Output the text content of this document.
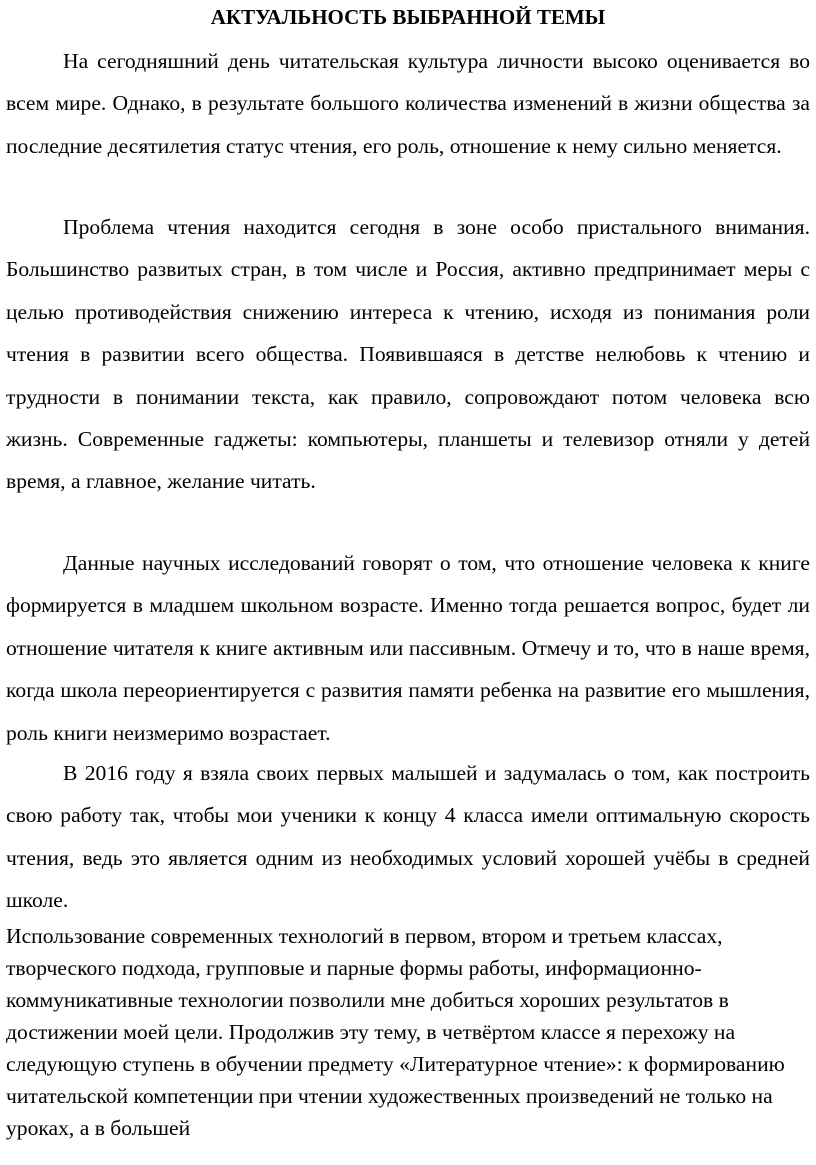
АКТУАЛЬНОСТЬ ВЫБРАННОЙ ТЕМЫ

На сегодняшний день читательская культура личности высоко оценивается во всем мире. Однако, в результате большого количества изменений в жизни общества за последние десятилетия статус чтения, его роль, отношение к нему сильно меняется.

Проблема чтения находится сегодня в зоне особо пристального внимания. Большинство развитых стран, в том числе и Россия, активно предпринимает меры с целью противодействия снижению интереса к чтению, исходя из понимания роли чтения в развитии всего общества. Появившаяся в детстве нелюбовь к чтению и трудности в понимании текста, как правило, сопровождают потом человека всю жизнь. Современные гаджеты: компьютеры, планшеты и телевизор отняли у детей время, а главное, желание читать.

Данные научных исследований говорят о том, что отношение человека к книге формируется в младшем школьном возрасте. Именно тогда решается вопрос, будет ли отношение читателя к книге активным или пассивным. Отмечу и то, что в наше время, когда школа переориентируется с развития памяти ребенка на развитие его мышления, роль книги неизмеримо возрастает.

В 2016 году я взяла своих первых малышей и задумалась о том, как построить свою работу так, чтобы мои ученики к концу 4 класса имели оптимальную скорость чтения, ведь это является одним из необходимых условий хорошей учёбы в средней школе.

Использование современных технологий в первом, втором и третьем классах, творческого подхода, групповые и парные формы работы, информационно-коммуникативные технологии позволили мне добиться хороших результатов в достижении моей цели. Продолжив эту тему, в четвёртом классе я перехожу на следующую ступень в обучении предмету «Литературное чтение»: к формированию читательской компетенции при чтении художественных произведений не только на уроках, а в большей
